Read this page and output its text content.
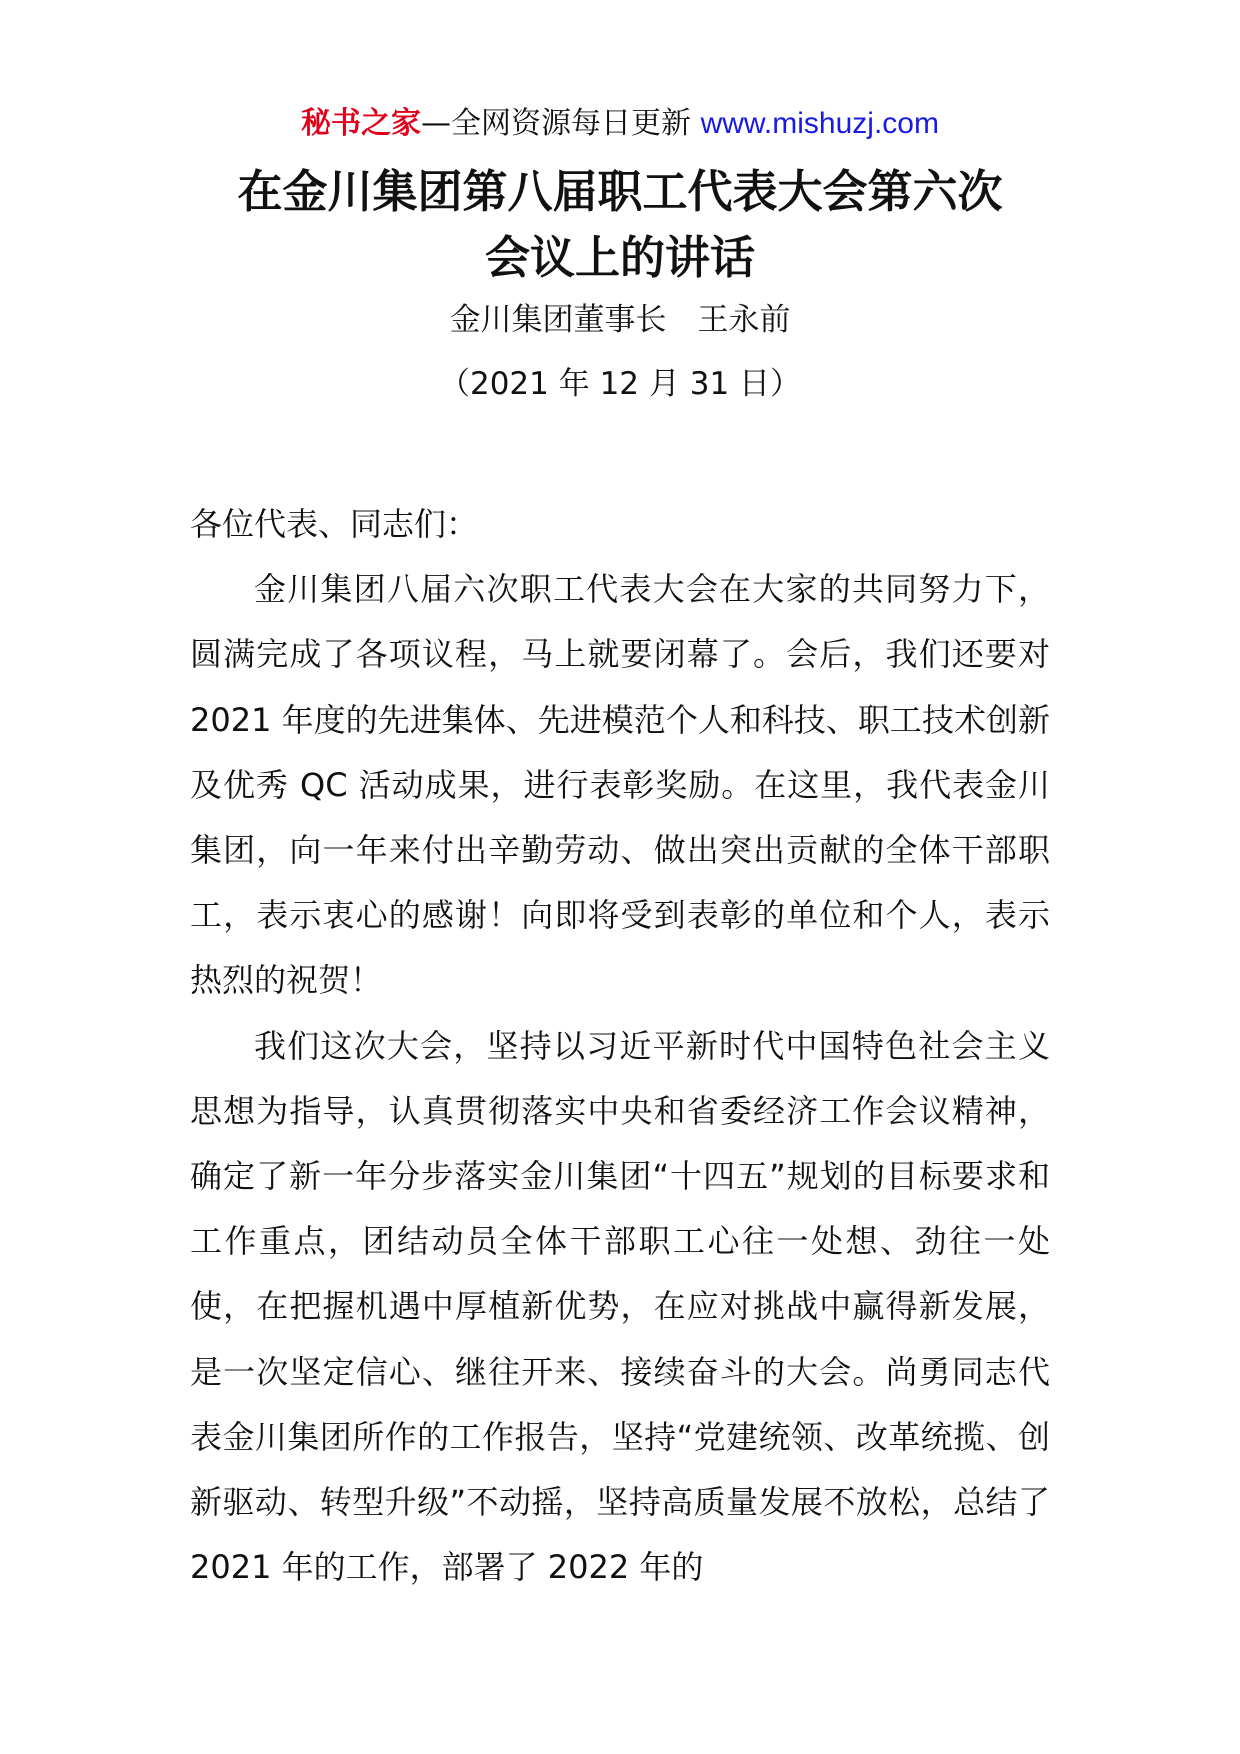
秘书之家—全网资源每日更新 www.mishuzj.com
在金川集团第八届职工代表大会第六次
会议上的讲话
金川集团董事长　王永前
（2021 年 12 月 31 日）

各位代表、同志们：

金川集团八届六次职工代表大会在大家的共同努力下，圆满完成了各项议程，马上就要闭幕了。会后，我们还要对 2021 年度的先进集体、先进模范个人和科技、职工技术创新及优秀 QC 活动成果，进行表彰奖励。在这里，我代表金川集团，向一年来付出辛勤劳动、做出突出贡献的全体干部职工，表示衷心的感谢！向即将受到表彰的单位和个人，表示热烈的祝贺！

我们这次大会，坚持以习近平新时代中国特色社会主义思想为指导，认真贯彻落实中央和省委经济工作会议精神，确定了新一年分步落实金川集团“十四五”规划的目标要求和工作重点，团结动员全体干部职工心往一处想、劲往一处使，在把握机遇中厚植新优势，在应对挑战中赢得新发展，是一次坚定信心、继往开来、接续奋斗的大会。尚勇同志代表金川集团所作的工作报告，坚持“党建统领、改革统揽、创新驱动、转型升级”不动摇，坚持高质量发展不放松，总结了 2021 年的工作，部署了 2022 年的
